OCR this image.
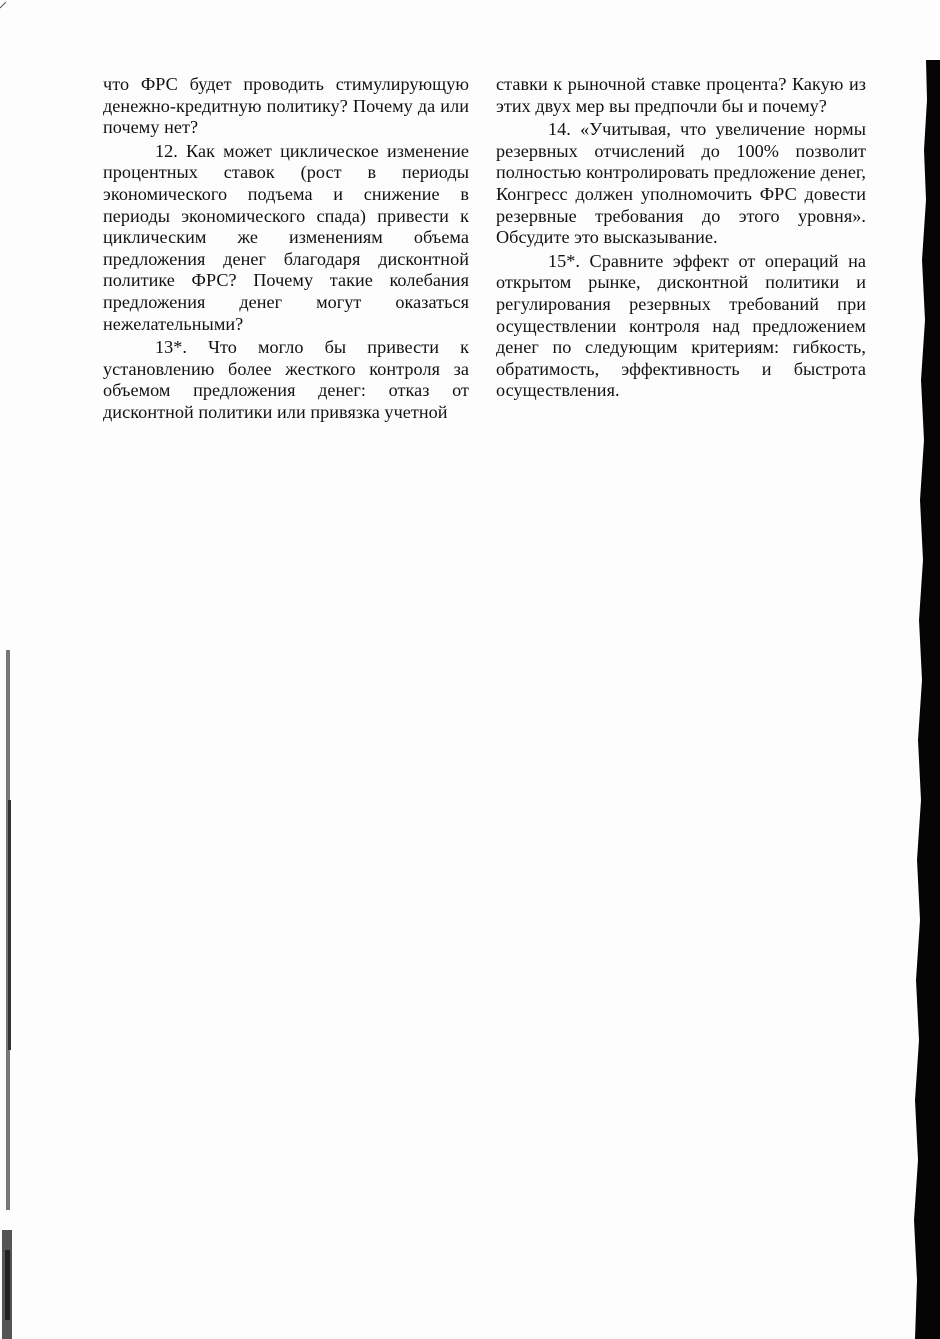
что ФРС будет проводить стимулирующую денежно-кредитную политику? Почему да или почему нет?

12. Как может циклическое изменение процентных ставок (рост в периоды экономического подъема и снижение в периоды экономического спада) привести к циклическим же изменениям объема предложения денег благодаря дисконтной политике ФРС? Почему такие колебания предложения денег могут оказаться нежелательными?

13*. Что могло бы привести к установлению более жесткого контроля за объемом предложения денег: отказ от дисконтной политики или привязка учетной

ставки к рыночной ставке процента? Какую из этих двух мер вы предпочли бы и почему?

14. «Учитывая, что увеличение нормы резервных отчислений до 100% позволит полностью контролировать предложение денег, Конгресс должен уполномочить ФРС довести резервные требования до этого уровня». Обсудите это высказывание.

15*. Сравните эффект от операций на открытом рынке, дисконтной политики и регулирования резервных требований при осуществлении контроля над предложением денег по следующим критериям: гибкость, обратимость, эффективность и быстрота осуществления.
